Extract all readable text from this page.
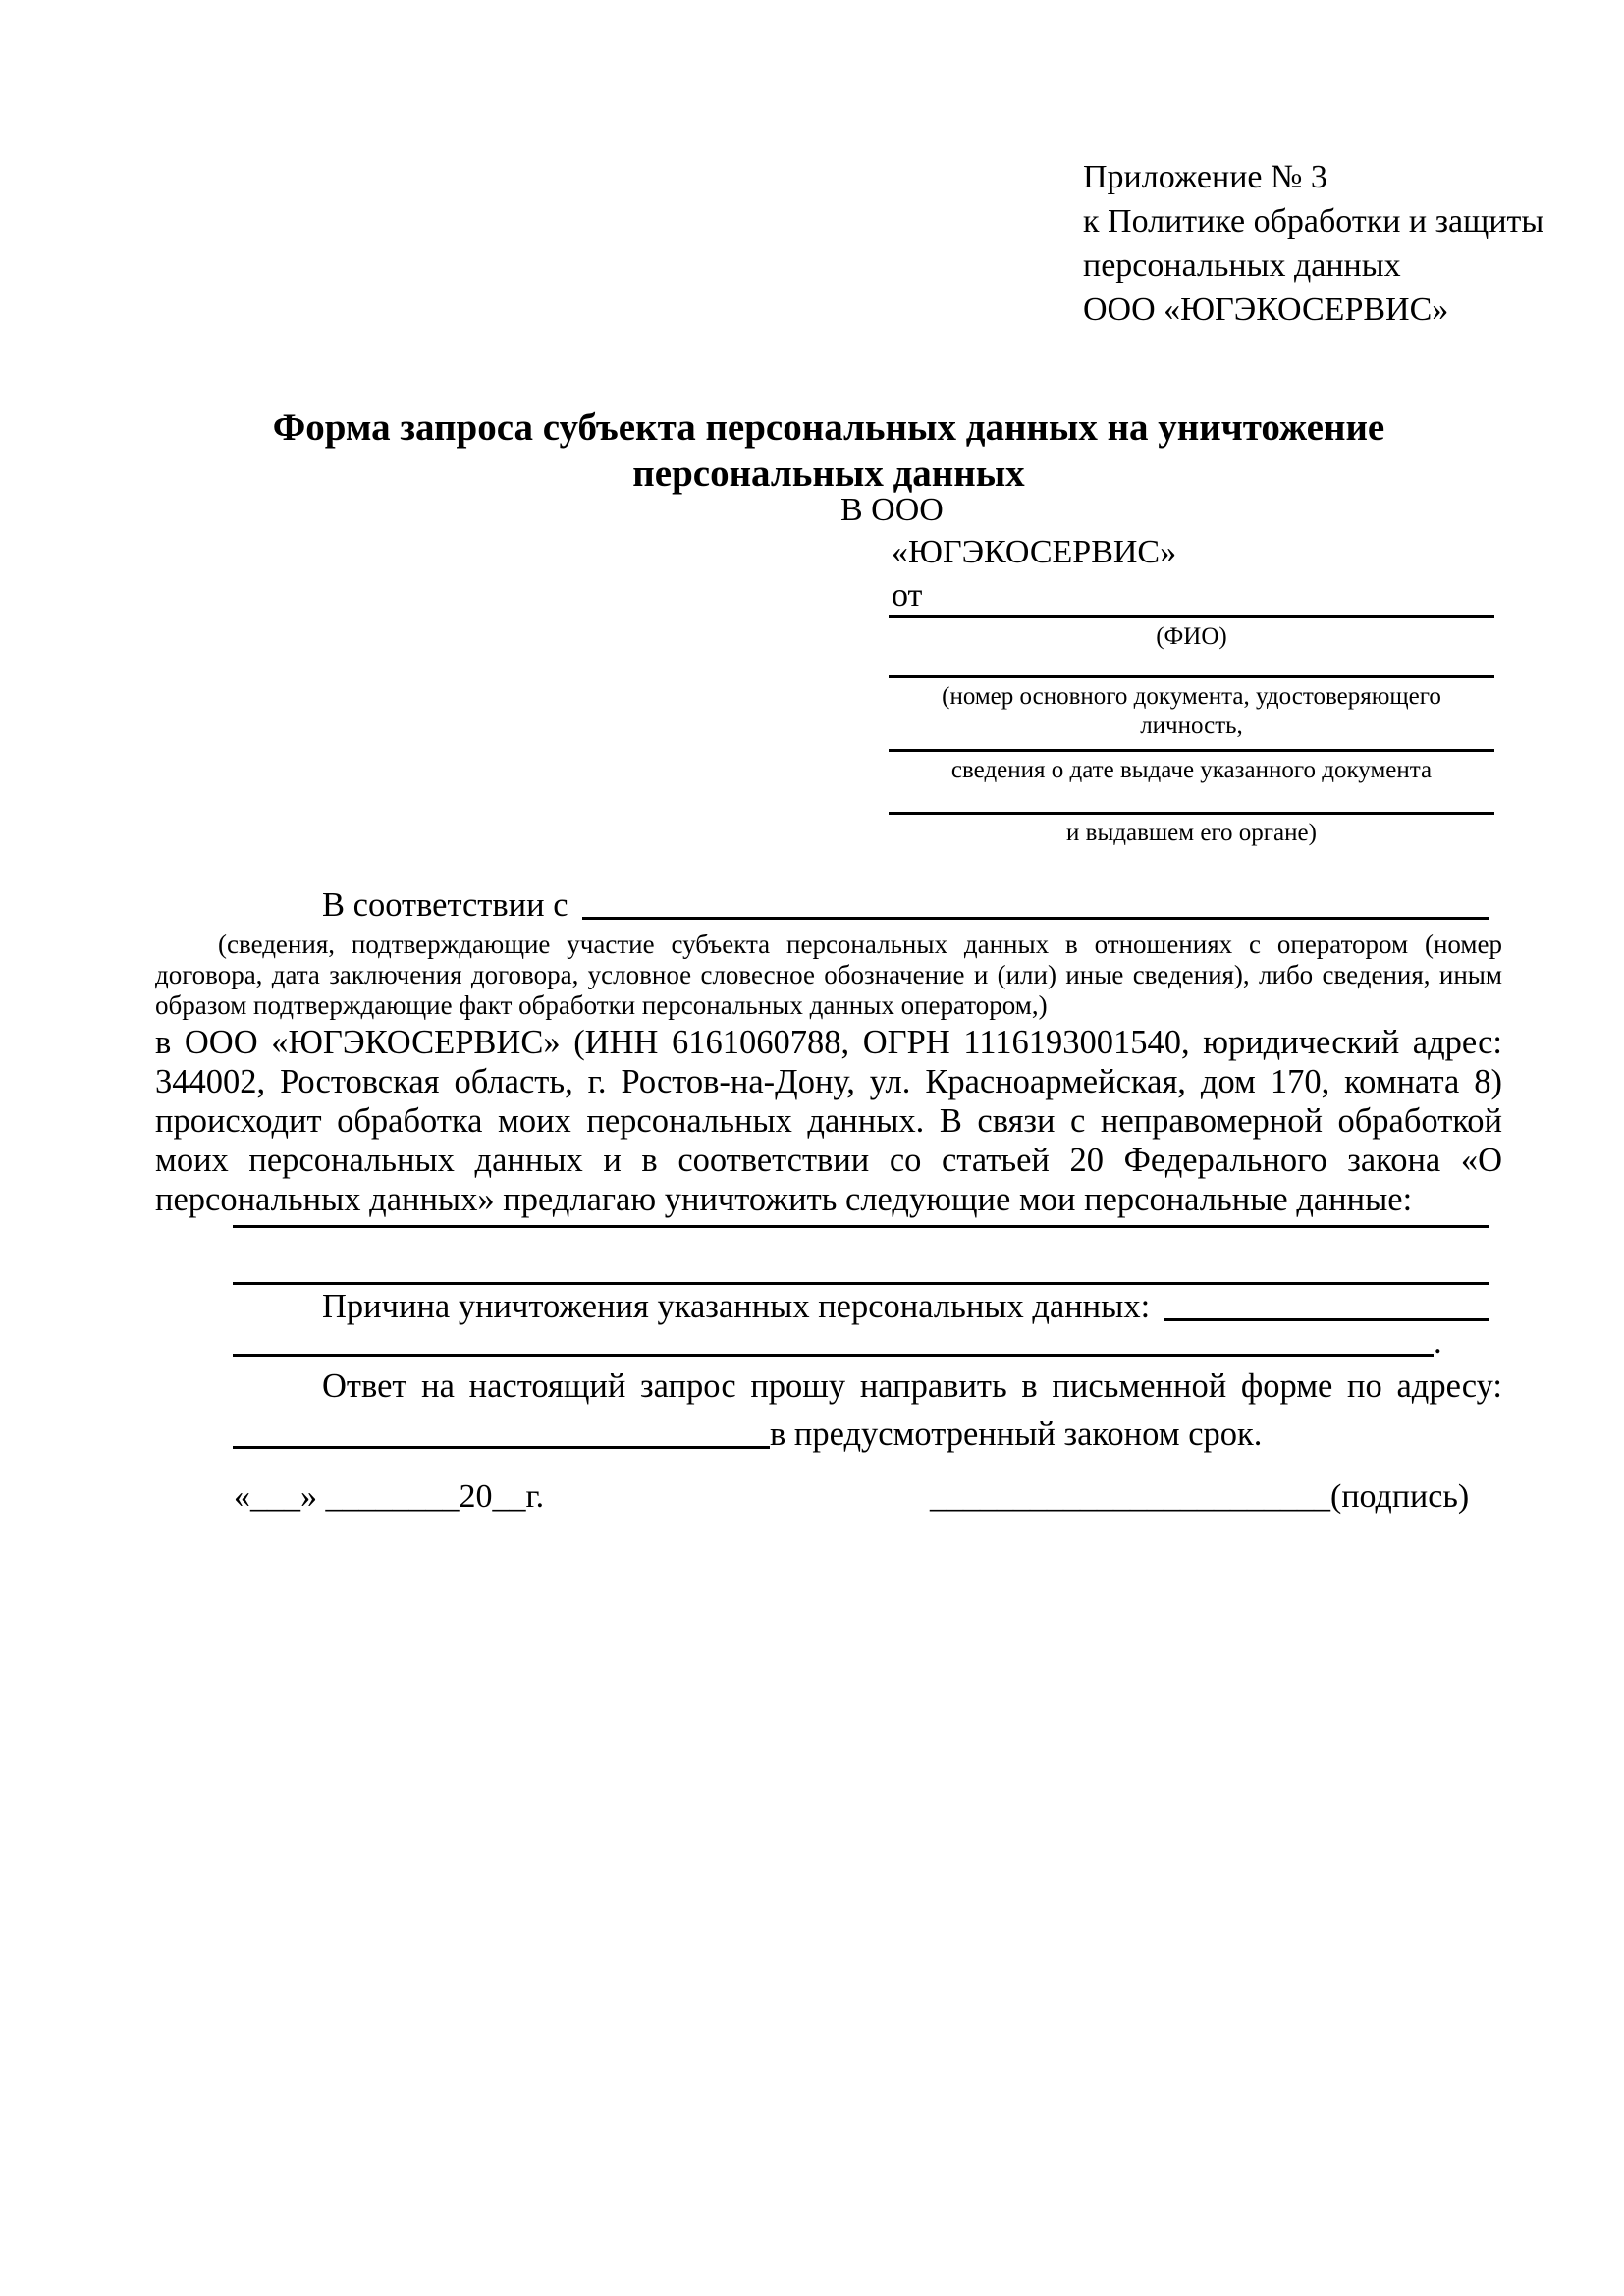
Приложение № 3
к Политике обработки и защиты
персональных данных
ООО «ЮГЭКОСЕРВИС»
Форма запроса субъекта персональных данных на уничтожение
персональных данных
В ООО
«ЮГЭКОСЕРВИС»
от
(ФИО)
(номер основного документа, удостоверяющего личность,
сведения о дате выдаче указанного документа
и выдавшем его органе)
В соответствии с
(сведения, подтверждающие участие субъекта персональных данных в отношениях с оператором (номер договора, дата заключения договора, условное словесное обозначение и (или) иные сведения), либо сведения, иным образом подтверждающие факт обработки персональных данных оператором,)
в ООО «ЮГЭКОСЕРВИС» (ИНН 6161060788, ОГРН 1116193001540, юридический адрес: 344002, Ростовская область, г. Ростов-на-Дону, ул. Красноармейская, дом 170, комната 8) происходит обработка моих персональных данных. В связи с неправомерной обработкой моих персональных данных и в соответствии со статьей 20 Федерального закона «О персональных данных» предлагаю уничтожить следующие мои персональные данные:
Причина уничтожения указанных персональных данных:
.
Ответ на настоящий запрос прошу направить в письменной форме по адресу:
в предусмотренный законом срок.
«___» ________20__г.	________________________(подпись)
